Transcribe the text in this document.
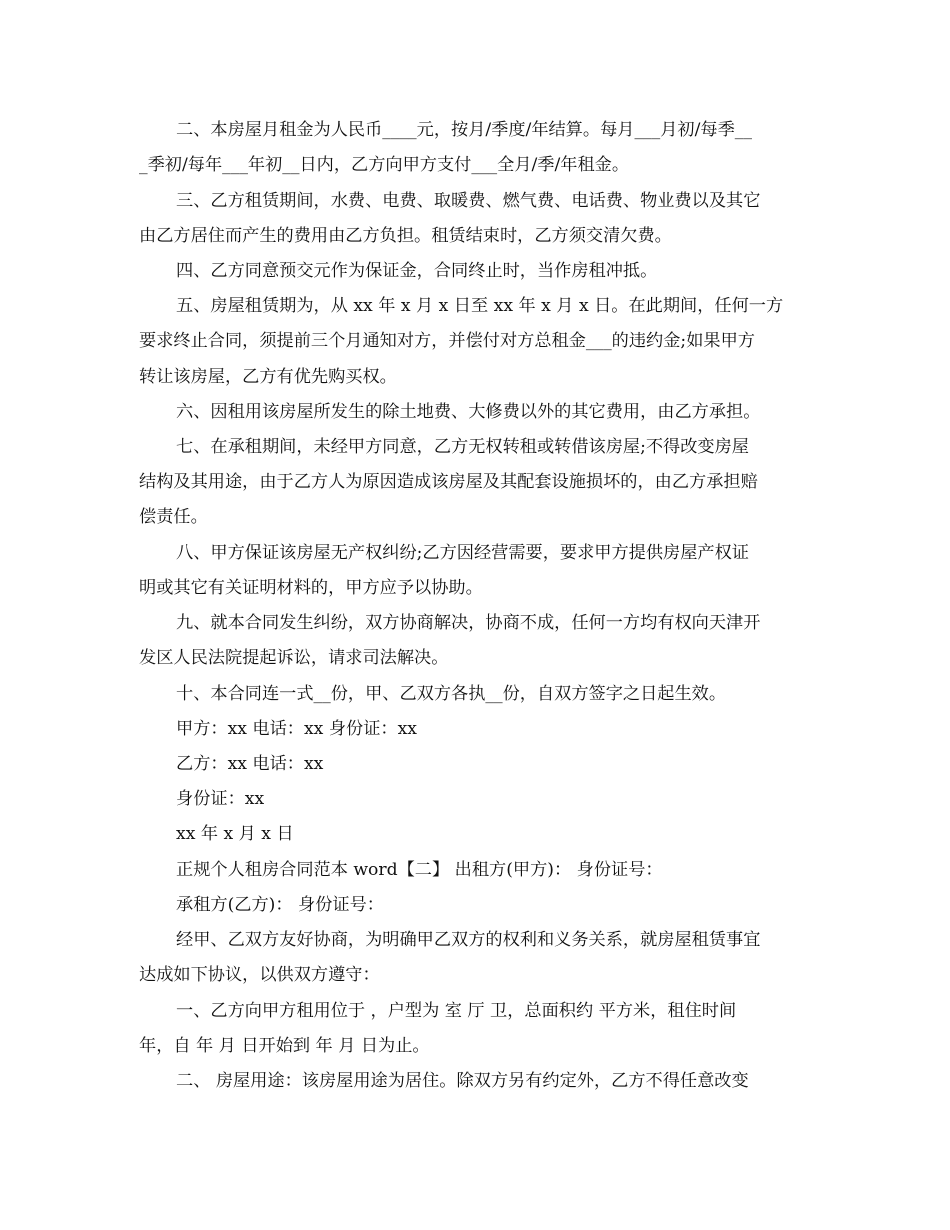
二、本房屋月租金为人民币____元，按月/季度/年结算。每月___月初/每季__
_季初/每年___年初__日内，乙方向甲方支付___全月/季/年租金。
三、乙方租赁期间，水费、电费、取暖费、燃气费、电话费、物业费以及其它
由乙方居住而产生的费用由乙方负担。租赁结束时，乙方须交清欠费。
四、乙方同意预交元作为保证金，合同终止时，当作房租冲抵。
五、房屋租赁期为，从 xx 年 x 月 x 日至 xx 年 x 月 x 日。在此期间，任何一方
要求终止合同，须提前三个月通知对方，并偿付对方总租金___的违约金;如果甲方
转让该房屋，乙方有优先购买权。
六、因租用该房屋所发生的除土地费、大修费以外的其它费用，由乙方承担。
七、在承租期间，未经甲方同意，乙方无权转租或转借该房屋;不得改变房屋
结构及其用途，由于乙方人为原因造成该房屋及其配套设施损坏的，由乙方承担赔
偿责任。
八、甲方保证该房屋无产权纠纷;乙方因经营需要，要求甲方提供房屋产权证
明或其它有关证明材料的，甲方应予以协助。
九、就本合同发生纠纷，双方协商解决，协商不成，任何一方均有权向天津开
发区人民法院提起诉讼，请求司法解决。
十、本合同连一式__份，甲、乙双方各执__份，自双方签字之日起生效。
甲方：xx 电话：xx 身份证：xx
乙方：xx 电话：xx
身份证：xx
xx 年 x 月 x 日
正规个人租房合同范本 word【二】 出租方(甲方)： 身份证号：
承租方(乙方)： 身份证号：
经甲、乙双方友好协商，为明确甲乙双方的权利和义务关系，就房屋租赁事宜
达成如下协议，以供双方遵守：
一、乙方向甲方租用位于 ，户型为 室 厅 卫，总面积约 平方米，租住时间
年，自 年 月 日开始到 年 月 日为止。
二、 房屋用途：该房屋用途为居住。除双方另有约定外，乙方不得任意改变
